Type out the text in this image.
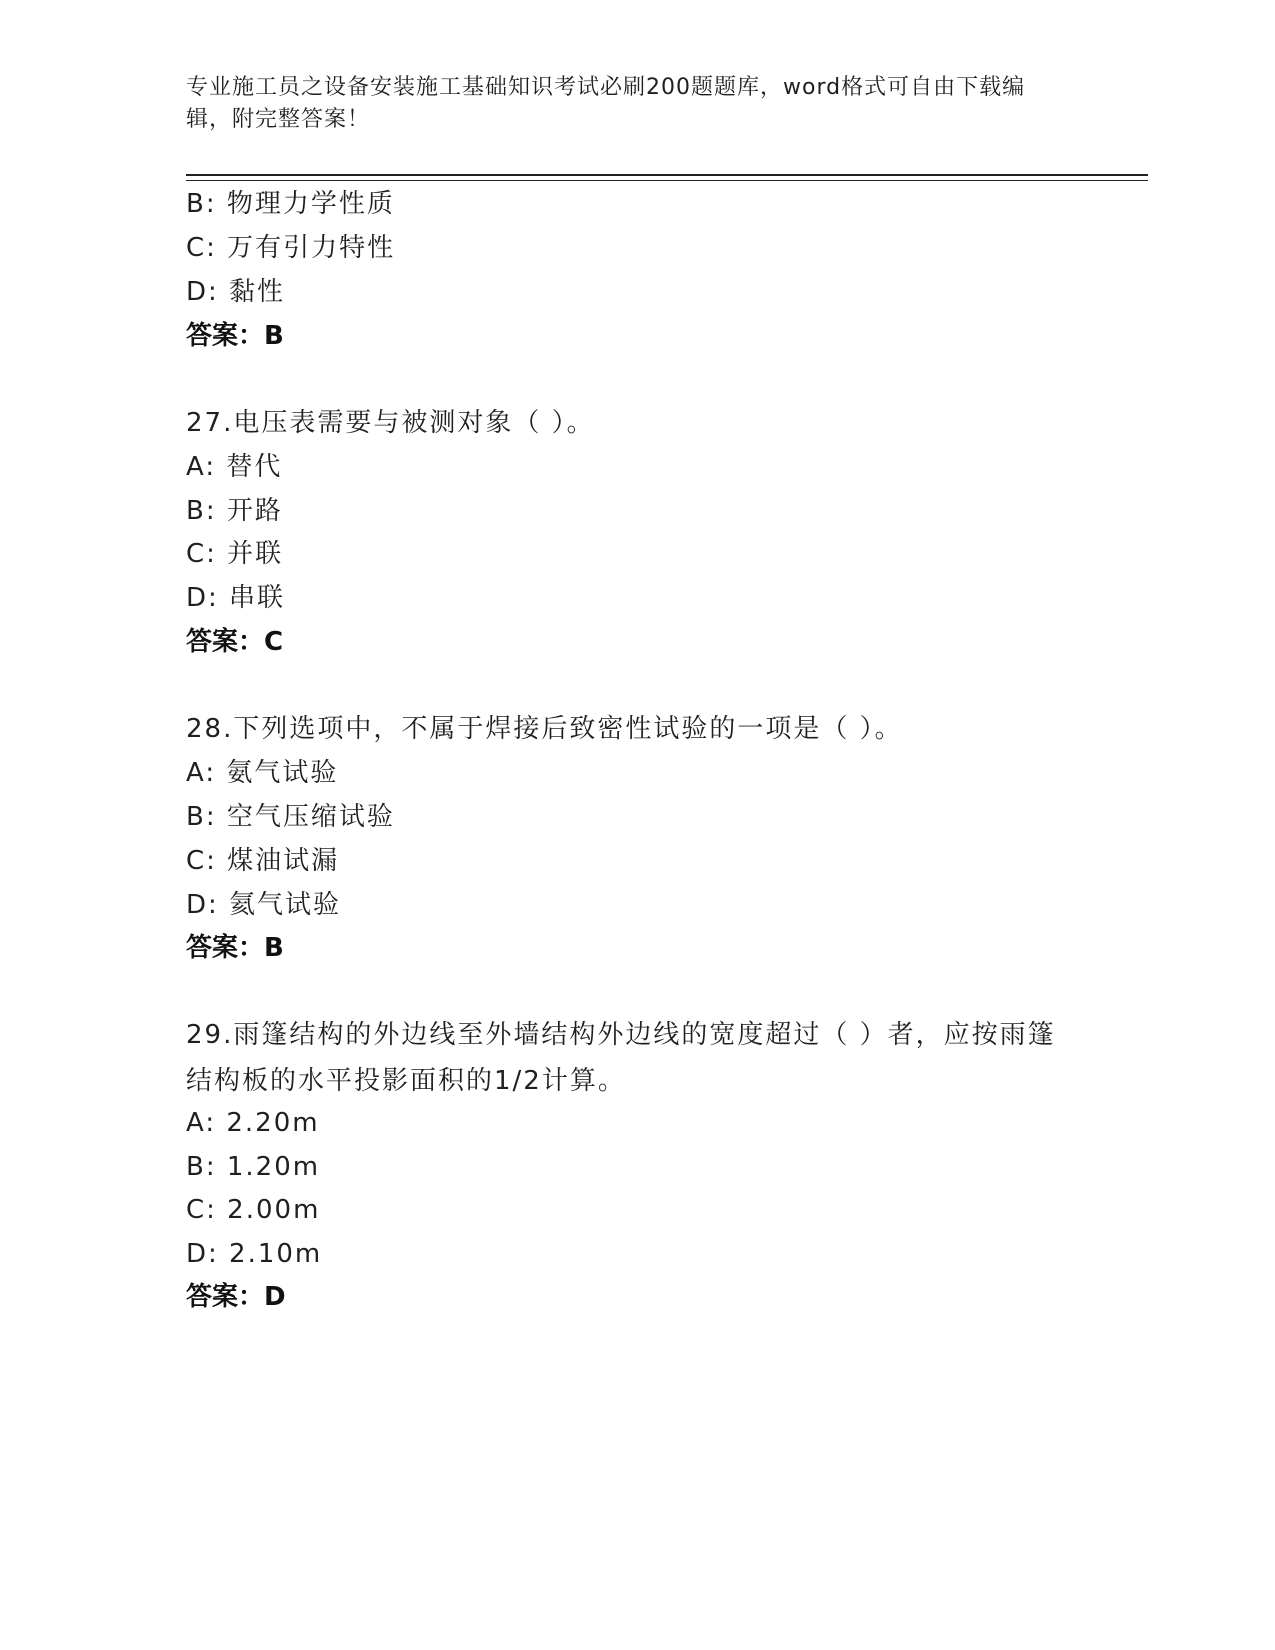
专业施工员之设备安装施工基础知识考试必刷200题题库，word格式可自由下载编辑，附完整答案！
B: 物理力学性质
C: 万有引力特性
D: 黏性
答案：B
27.电压表需要与被测对象（ ）。
A: 替代
B: 开路
C: 并联
D: 串联
答案：C
28.下列选项中，不属于焊接后致密性试验的一项是（ ）。
A: 氨气试验
B: 空气压缩试验
C: 煤油试漏
D: 氦气试验
答案：B
29.雨篷结构的外边线至外墙结构外边线的宽度超过（ ）者，应按雨篷结构板的水平投影面积的1/2计算。
A: 2.20m
B: 1.20m
C: 2.00m
D: 2.10m
答案：D
